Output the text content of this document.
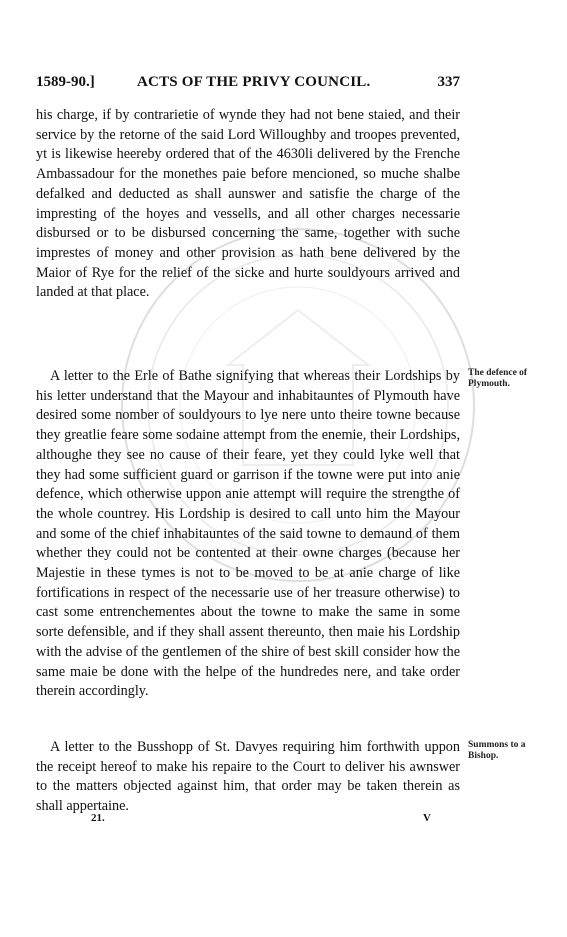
1589-90.]	ACTS OF THE PRIVY COUNCIL.	337

his charge, if by contrarietie of wynde they had not bene staied, and their service by the retorne of the said Lord Willoughby and troopes prevented, yt is likewise heereby ordered that of the 4630li delivered by the Frenche Ambassadour for the monethes paie before mencioned, so muche shalbe defalked and deducted as shall aunswer and satisfie the charge of the impresting of the hoyes and vessells, and all other charges necessarie disbursed or to be disbursed concerning the same, together with suche imprestes of money and other provision as hath bene delivered by the Maior of Rye for the relief of the sicke and hurte souldyours arrived and landed at that place.

A letter to the Erle of Bathe signifying that whereas their Lordships by his letter understand that the Mayour and inhabitauntes of Plymouth have desired some nomber of souldyours to lye nere unto theire towne because they greatlie feare some sodaine attempt from the enemie, their Lordships, althoughe they see no cause of their feare, yet they could lyke well that they had some sufficient guard or garrison if the towne were put into anie defence, which otherwise uppon anie attempt will require the strengthe of the whole countrey. His Lordship is desired to call unto him the Mayour and some of the chief inhabitauntes of the said towne to demaund of them whether they could not be contented at their owne charges (because her Majestie in these tymes is not to be moved to be at anie charge of like fortifications in respect of the necessarie use of her treasure otherwise) to cast some entrenchementes about the towne to make the same in some sorte defensible, and if they shall assent thereunto, then maie his Lordship with the advise of the gentlemen of the shire of best skill consider how the same maie be done with the helpe of the hundredes nere, and take order therein accordingly.

A letter to the Busshopp of St. Davyes requiring him forthwith uppon the receipt hereof to make his repaire to the Court to deliver his awnswer to the matters objected against him, that order may be taken therein as shall appertaine.

The defence of Plymouth.
Summons to a Bishop.
21.	V
